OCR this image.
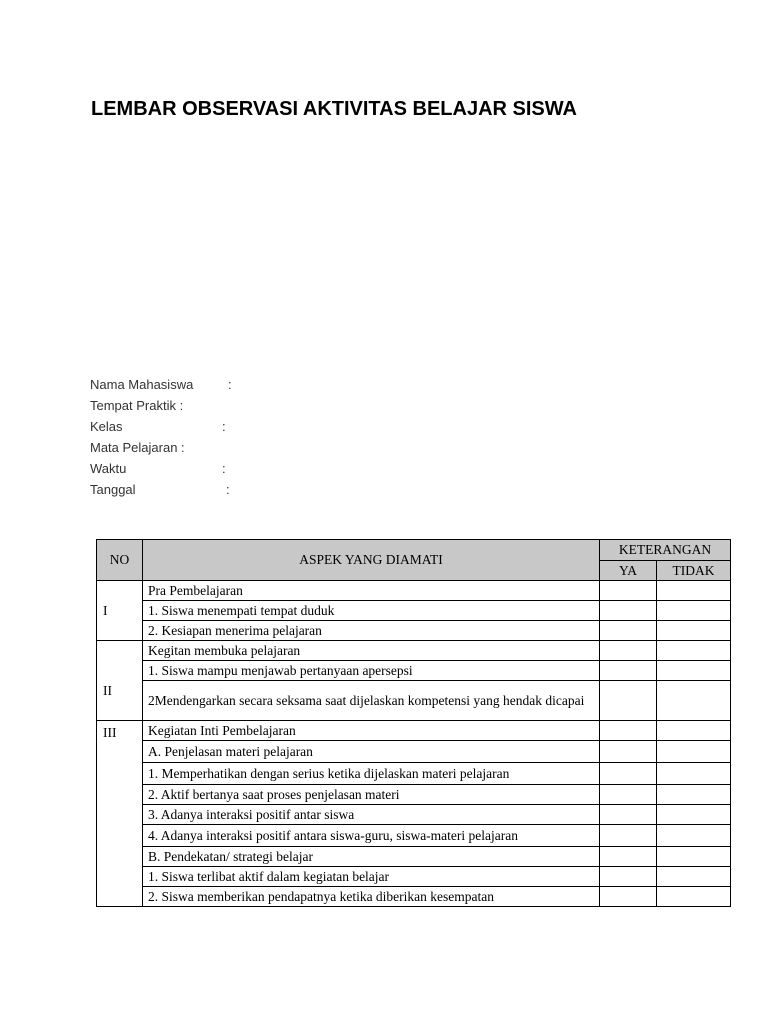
LEMBAR OBSERVASI AKTIVITAS BELAJAR SISWA
Nama Mahasiswa	:
Tempat Praktik :
Kelas	:
Mata Pelajaran :
Waktu	:
Tanggal	:
NO	ASPEK YANG DIAMATI	KETERANGAN	
		YA	TIDAK
I	Pra Pembelajaran		
	1. Siswa menempati tempat duduk		
	2. Kesiapan menerima pelajaran		
II	Kegitan membuka pelajaran		
	1. Siswa mampu menjawab pertanyaan apersepsi		
	2Mendengarkan secara seksama saat dijelaskan kompetensi yang hendak dicapai		
III	Kegiatan Inti Pembelajaran		
	A. Penjelasan materi pelajaran		
	1. Memperhatikan dengan serius ketika dijelaskan materi pelajaran		
	2. Aktif bertanya saat proses penjelasan materi		
	3. Adanya interaksi positif antar siswa		
	4. Adanya interaksi positif antara siswa-guru, siswa-materi pelajaran		
	B. Pendekatan/ strategi belajar		
	1. Siswa terlibat aktif dalam kegiatan belajar		
	2. Siswa memberikan pendapatnya ketika diberikan kesempatan		
